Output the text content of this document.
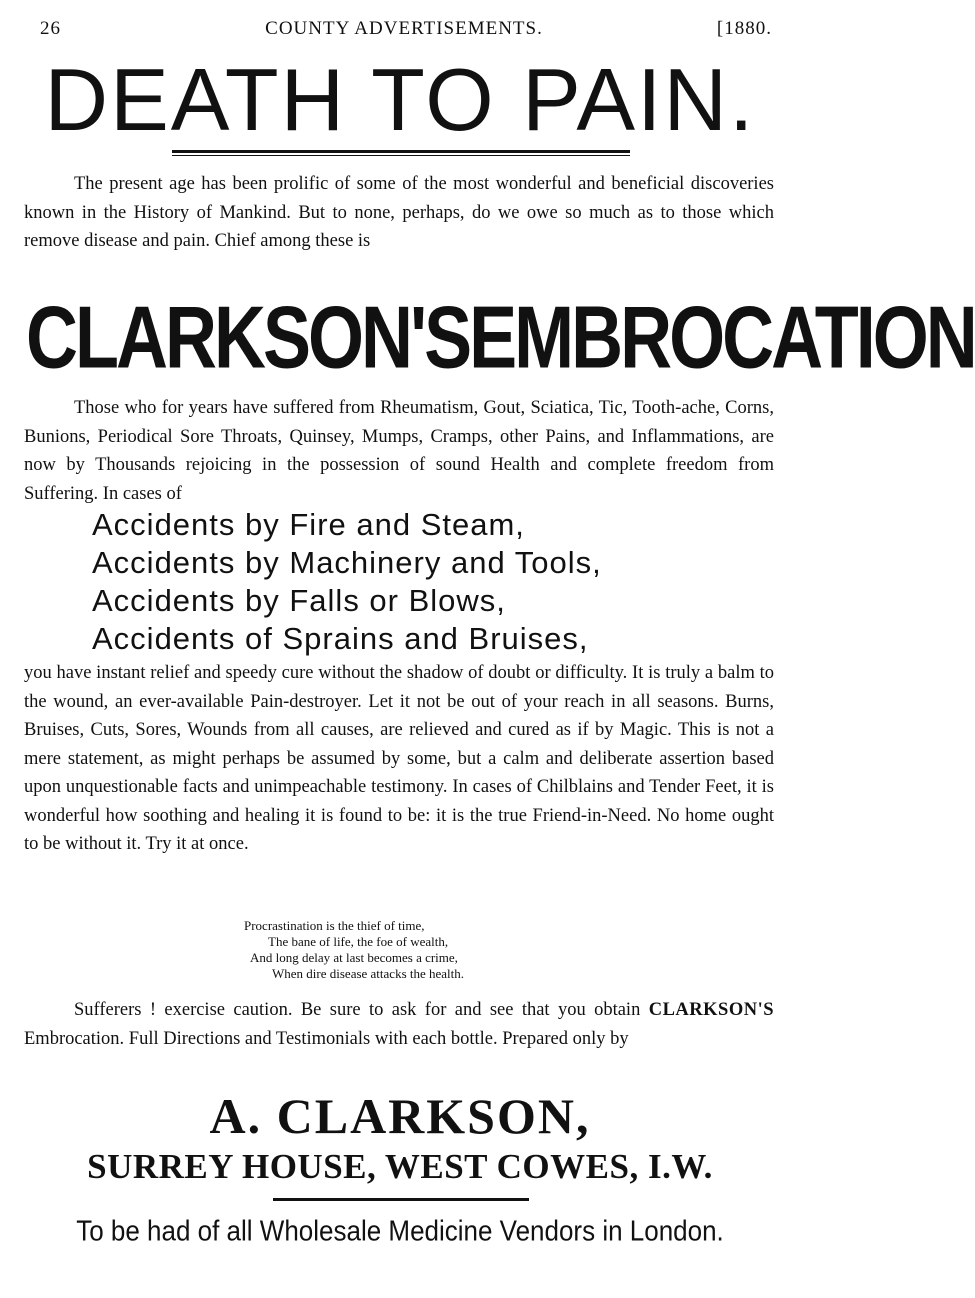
26	COUNTY ADVERTISEMENTS.	[1880.
DEATH TO PAIN.

The present age has been prolific of some of the most wonderful and beneficial discoveries known in the History of Mankind. But to none, perhaps, do we owe so much as to those which remove disease and pain. Chief among these is

CLARKSON'S EMBROCATION

Those who for years have suffered from Rheumatism, Gout, Sciatica, Tic, Tooth-ache, Corns, Bunions, Periodical Sore Throats, Quinsey, Mumps, Cramps, other Pains, and Inflammations, are now by Thousands rejoicing in the possession of sound Health and complete freedom from Suffering. In cases of

Accidents by Fire and Steam,
Accidents by Machinery and Tools,
Accidents by Falls or Blows,
Accidents of Sprains and Bruises,

you have instant relief and speedy cure without the shadow of doubt or difficulty. It is truly a balm to the wound, an ever-available Pain-destroyer. Let it not be out of your reach in all seasons. Burns, Bruises, Cuts, Sores, Wounds from all causes, are relieved and cured as if by Magic. This is not a mere statement, as might perhaps be assumed by some, but a calm and deliberate assertion based upon unquestionable facts and unimpeachable testimony. In cases of Chilblains and Tender Feet, it is wonderful how soothing and healing it is found to be: it is the true Friend-in-Need. No home ought to be without it. Try it at once.

Procrastination is the thief of time,
The bane of life, the foe of wealth,
And long delay at last becomes a crime,
When dire disease attacks the health.

Sufferers ! exercise caution. Be sure to ask for and see that you obtain CLARKSON'S Embrocation. Full Directions and Testimonials with each bottle. Prepared only by

A. CLARKSON,
SURREY HOUSE, WEST COWES, I.W.
To be had of all Wholesale Medicine Vendors in London.
